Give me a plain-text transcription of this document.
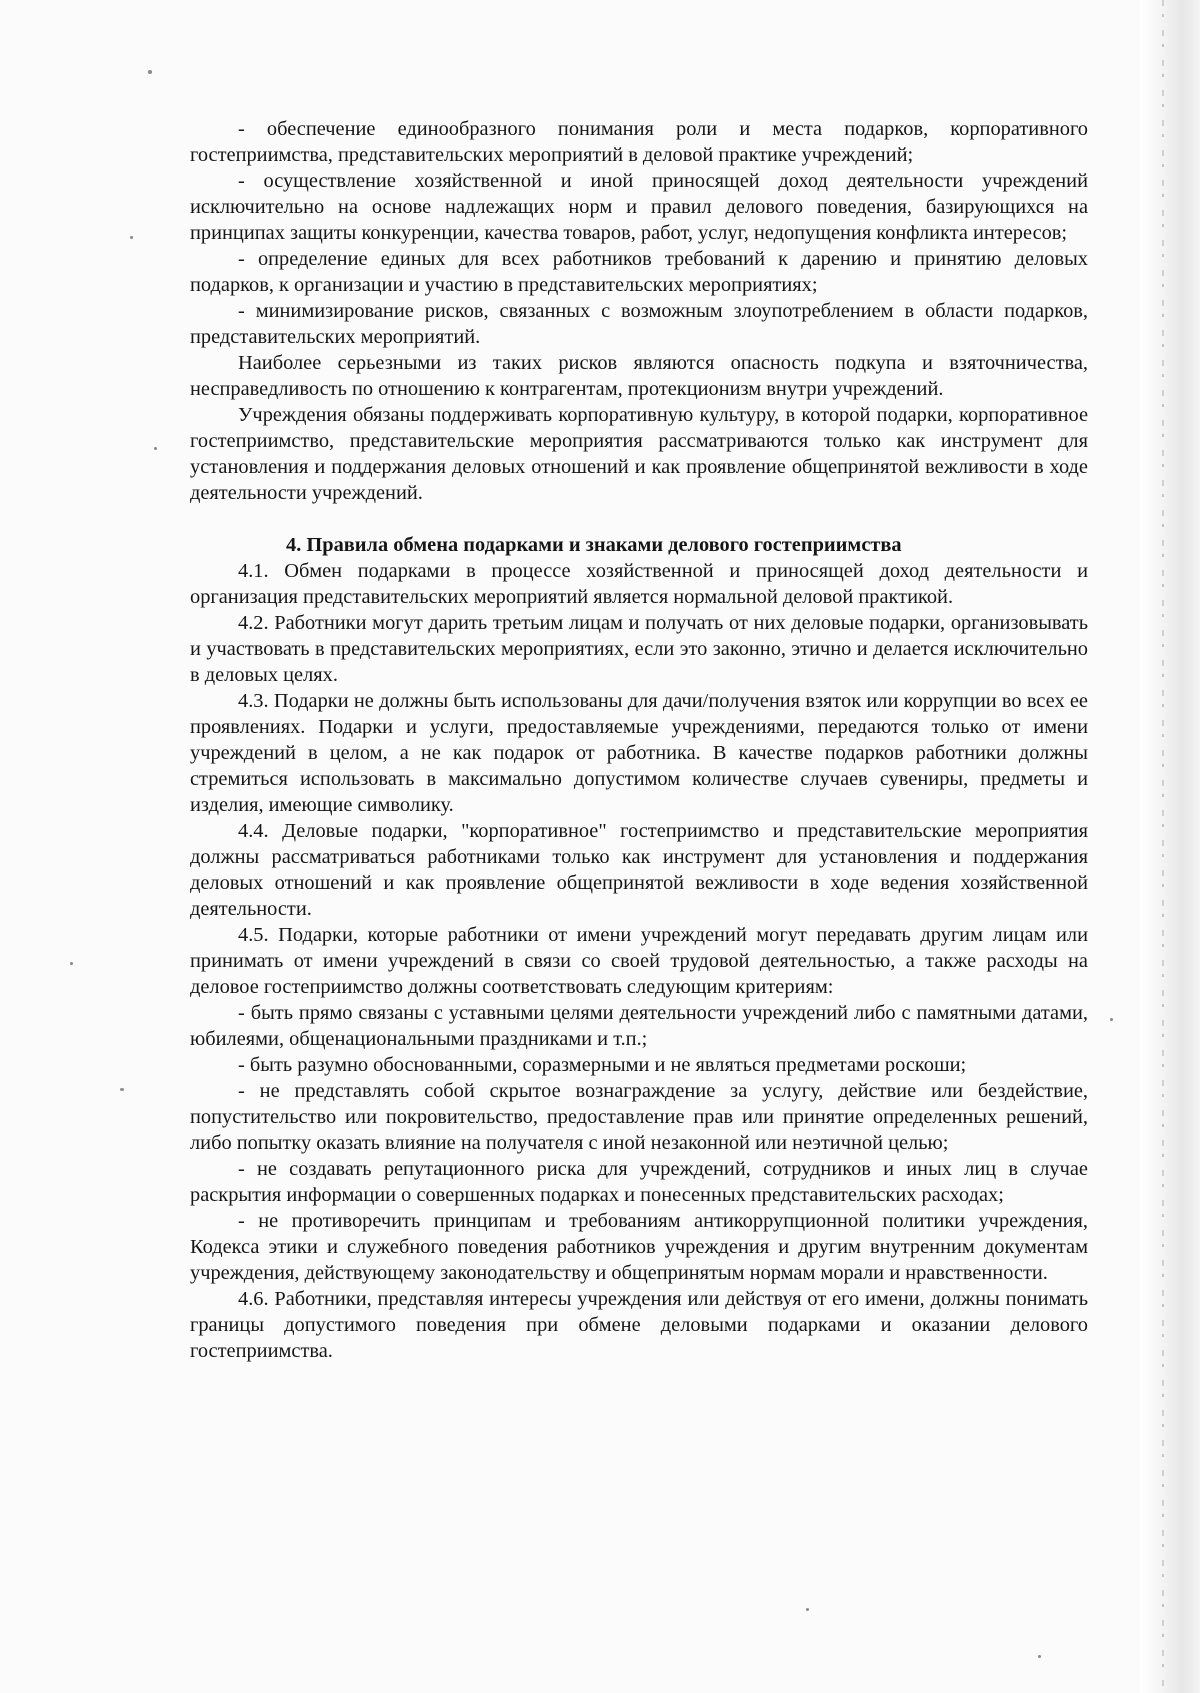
- обеспечение единообразного понимания роли и места подарков, корпоративного гостеприимства, представительских мероприятий в деловой практике учреждений;

- осуществление хозяйственной и иной приносящей доход деятельности учреждений исключительно на основе надлежащих норм и правил делового поведения, базирующихся на принципах защиты конкуренции, качества товаров, работ, услуг, недопущения конфликта интересов;

- определение единых для всех работников требований к дарению и принятию деловых подарков, к организации и участию в представительских мероприятиях;

- минимизирование рисков, связанных с возможным злоупотреблением в области подарков, представительских мероприятий.

Наиболее серьезными из таких рисков являются опасность подкупа и взяточничества, несправедливость по отношению к контрагентам, протекционизм внутри учреждений.

Учреждения обязаны поддерживать корпоративную культуру, в которой подарки, корпоративное гостеприимство, представительские мероприятия рассматриваются только как инструмент для установления и поддержания деловых отношений и как проявление общепринятой вежливости в ходе деятельности учреждений.

4. Правила обмена подарками и знаками делового гостеприимства

4.1. Обмен подарками в процессе хозяйственной и приносящей доход деятельности и организация представительских мероприятий является нормальной деловой практикой.

4.2. Работники могут дарить третьим лицам и получать от них деловые подарки, организовывать и участвовать в представительских мероприятиях, если это законно, этично и делается исключительно в деловых целях.

4.3. Подарки не должны быть использованы для дачи/получения взяток или коррупции во всех ее проявлениях. Подарки и услуги, предоставляемые учреждениями, передаются только от имени учреждений в целом, а не как подарок от работника. В качестве подарков работники должны стремиться использовать в максимально допустимом количестве случаев сувениры, предметы и изделия, имеющие символику.

4.4. Деловые подарки, "корпоративное" гостеприимство и представительские мероприятия должны рассматриваться работниками только как инструмент для установления и поддержания деловых отношений и как проявление общепринятой вежливости в ходе ведения хозяйственной деятельности.

4.5. Подарки, которые работники от имени учреждений могут передавать другим лицам или принимать от имени учреждений в связи со своей трудовой деятельностью, а также расходы на деловое гостеприимство должны соответствовать следующим критериям:

- быть прямо связаны с уставными целями деятельности учреждений либо с памятными датами, юбилеями, общенациональными праздниками и т.п.;

- быть разумно обоснованными, соразмерными и не являться предметами роскоши;

- не представлять собой скрытое вознаграждение за услугу, действие или бездействие, попустительство или покровительство, предоставление прав или принятие определенных решений, либо попытку оказать влияние на получателя с иной незаконной или неэтичной целью;

- не создавать репутационного риска для учреждений, сотрудников и иных лиц в случае раскрытия информации о совершенных подарках и понесенных представительских расходах;

- не противоречить принципам и требованиям антикоррупционной политики учреждения, Кодекса этики и служебного поведения работников учреждения и другим внутренним документам учреждения, действующему законодательству и общепринятым нормам морали и нравственности.

4.6. Работники, представляя интересы учреждения или действуя от его имени, должны понимать границы допустимого поведения при обмене деловыми подарками и оказании делового гостеприимства.
